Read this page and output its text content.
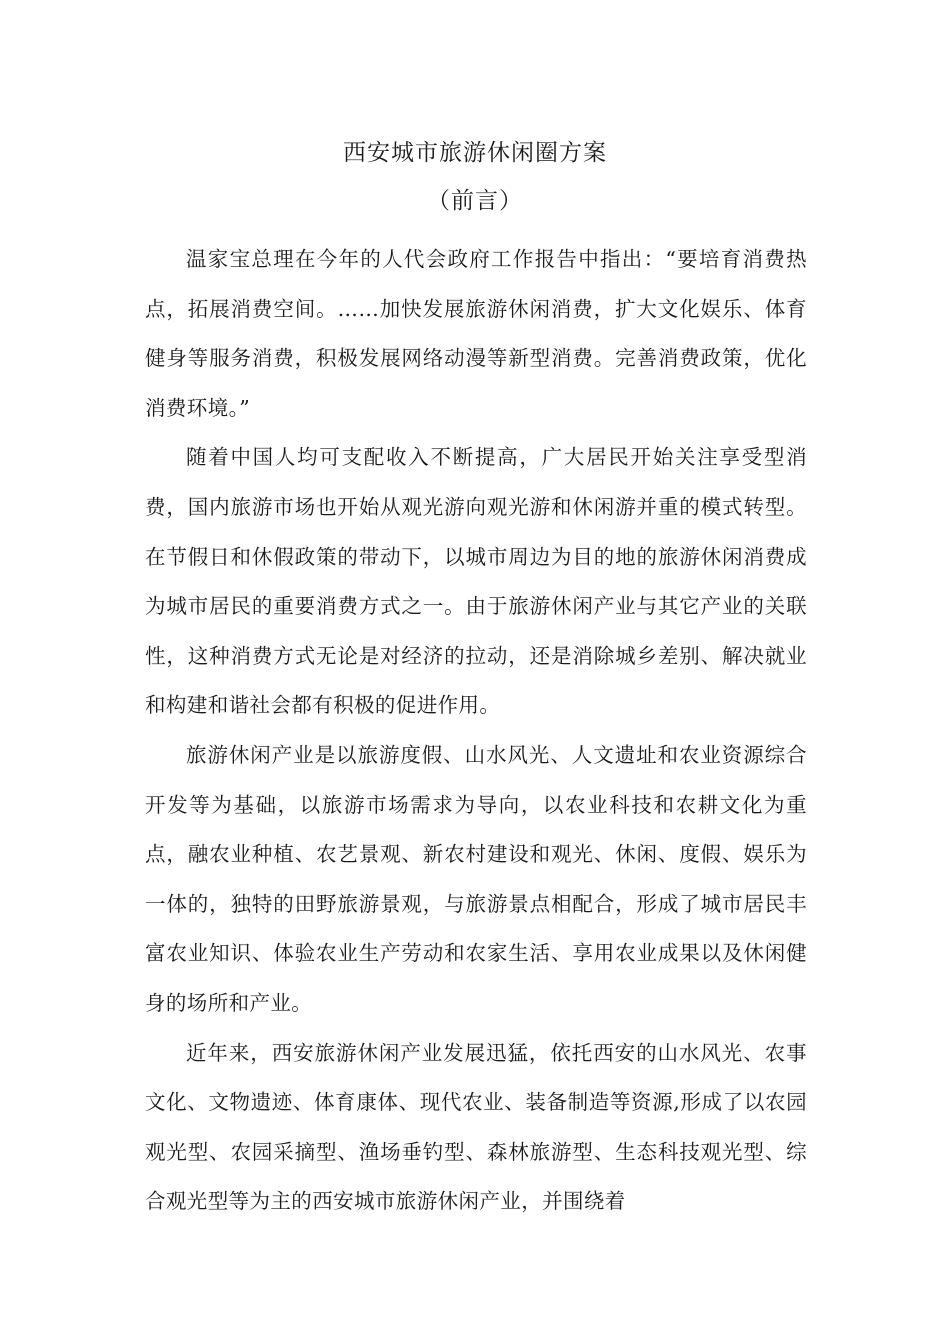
西安城市旅游休闲圈方案
（前言）

温家宝总理在今年的人代会政府工作报告中指出：“要培育消费热点，拓展消费空间。……加快发展旅游休闲消费，扩大文化娱乐、体育健身等服务消费，积极发展网络动漫等新型消费。完善消费政策，优化消费环境。”

随着中国人均可支配收入不断提高，广大居民开始关注享受型消费，国内旅游市场也开始从观光游向观光游和休闲游并重的模式转型。在节假日和休假政策的带动下，以城市周边为目的地的旅游休闲消费成为城市居民的重要消费方式之一。由于旅游休闲产业与其它产业的关联性，这种消费方式无论是对经济的拉动，还是消除城乡差别、解决就业和构建和谐社会都有积极的促进作用。

旅游休闲产业是以旅游度假、山水风光、人文遗址和农业资源综合开发等为基础，以旅游市场需求为导向，以农业科技和农耕文化为重点，融农业种植、农艺景观、新农村建设和观光、休闲、度假、娱乐为一体的，独特的田野旅游景观，与旅游景点相配合，形成了城市居民丰富农业知识、体验农业生产劳动和农家生活、享用农业成果以及休闲健身的场所和产业。

近年来，西安旅游休闲产业发展迅猛，依托西安的山水风光、农事文化、文物遗迹、体育康体、现代农业、装备制造等资源,形成了以农园观光型、农园采摘型、渔场垂钓型、森林旅游型、生态科技观光型、综合观光型等为主的西安城市旅游休闲产业，并围绕着
